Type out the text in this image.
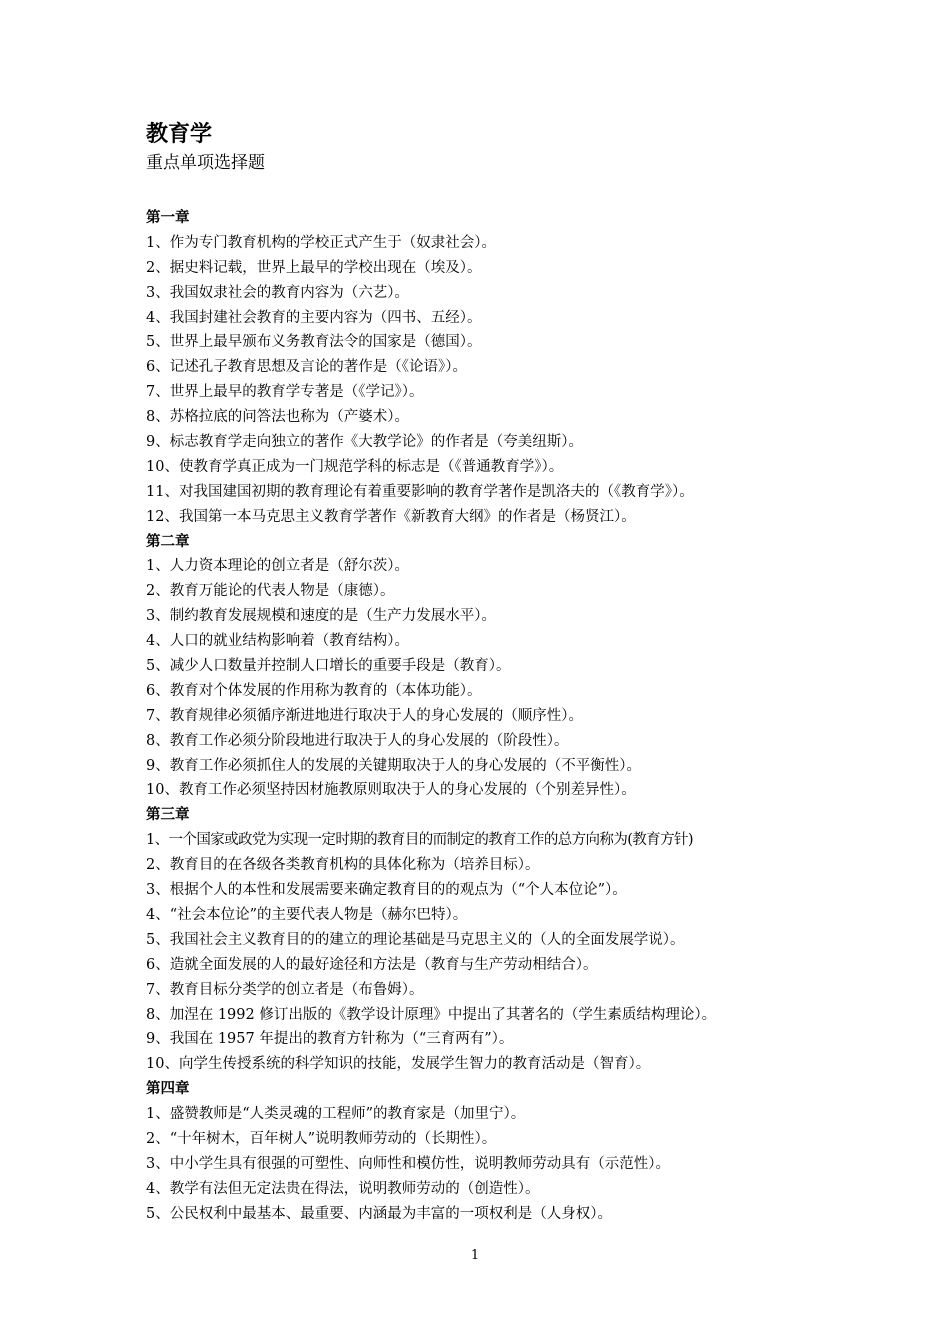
教育学
重点单项选择题
第一章
1、作为专门教育机构的学校正式产生于（奴隶社会）。
2、据史料记载，世界上最早的学校出现在（埃及）。
3、我国奴隶社会的教育内容为（六艺）。
4、我国封建社会教育的主要内容为（四书、五经）。
5、世界上最早颁布义务教育法令的国家是（德国）。
6、记述孔子教育思想及言论的著作是（《论语》）。
7、世界上最早的教育学专著是（《学记》）。
8、苏格拉底的问答法也称为（产婆术）。
9、标志教育学走向独立的著作《大教学论》的作者是（夸美纽斯）。
10、使教育学真正成为一门规范学科的标志是（《普通教育学》）。
11、对我国建国初期的教育理论有着重要影响的教育学著作是凯洛夫的（《教育学》）。
12、我国第一本马克思主义教育学著作《新教育大纲》的作者是（杨贤江）。
第二章
1、人力资本理论的创立者是（舒尔茨）。
2、教育万能论的代表人物是（康德）。
3、制约教育发展规模和速度的是（生产力发展水平）。
4、人口的就业结构影响着（教育结构）。
5、减少人口数量并控制人口增长的重要手段是（教育）。
6、教育对个体发展的作用称为教育的（本体功能）。
7、教育规律必须循序渐进地进行取决于人的身心发展的（顺序性）。
8、教育工作必须分阶段地进行取决于人的身心发展的（阶段性）。
9、教育工作必须抓住人的发展的关键期取决于人的身心发展的（不平衡性）。
10、教育工作必须坚持因材施教原则取决于人的身心发展的（个别差异性）。
第三章
1、一个国家或政党为实现一定时期的教育目的而制定的教育工作的总方向称为(教育方针)
2、教育目的在各级各类教育机构的具体化称为（培养目标）。
3、根据个人的本性和发展需要来确定教育目的的观点为（“个人本位论”）。
4、“社会本位论”的主要代表人物是（赫尔巴特）。
5、我国社会主义教育目的的建立的理论基础是马克思主义的（人的全面发展学说）。
6、造就全面发展的人的最好途径和方法是（教育与生产劳动相结合）。
7、教育目标分类学的创立者是（布鲁姆）。
8、加涅在 1992 修订出版的《教学设计原理》中提出了其著名的（学生素质结构理论）。
9、我国在 1957 年提出的教育方针称为（“三育两有”）。
10、向学生传授系统的科学知识的技能，发展学生智力的教育活动是（智育）。
第四章
1、盛赞教师是“人类灵魂的工程师”的教育家是（加里宁）。
2、“十年树木，百年树人”说明教师劳动的（长期性）。
3、中小学生具有很强的可塑性、向师性和模仿性，说明教师劳动具有（示范性）。
4、教学有法但无定法贵在得法，说明教师劳动的（创造性）。
5、公民权利中最基本、最重要、内涵最为丰富的一项权利是（人身权）。
1
